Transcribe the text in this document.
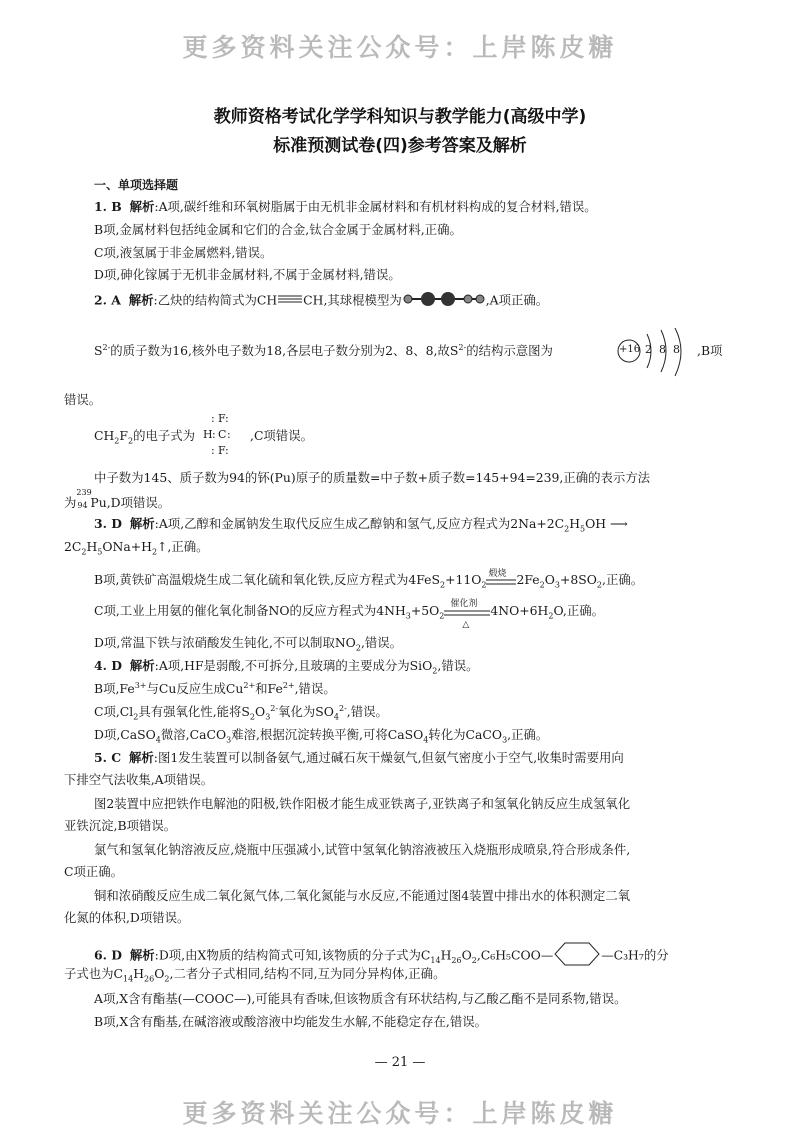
更多资料关注公众号：上岸陈皮糖
教师资格考试化学学科知识与教学能力(高级中学)
标准预测试卷(四)参考答案及解析
一、单项选择题
1. B 解析:A项,碳纤维和环氧树脂属于由无机非金属材料和有机材料构成的复合材料,错误。
B项,金属材料包括纯金属和它们的合金,钛合金属于金属材料,正确。
C项,液氢属于非金属燃料,错误。
D项,砷化镓属于无机非金属材料,不属于金属材料,错误。
2. A 解析:乙炔的结构简式为CH CH,其球棍模型为	,A项正确。
$S^{2-}$的质子数为16,核外电子数为18,各层电子数分别为2、8、8,故$S^{2-}$的结构示意图为	+16 2 8 8 ,B项
错误。
$CH_2F_2$的电子式为
F
: :
H : C :
F
: :
,C项错误。
中子数为145、质子数为94的钚(Pu)原子的质量数=中子数+质子数=145+94=239,正确的表示方法
为
239
94 Pu,D项错误。
3. D 解析:A项,乙醇和金属钠发生取代反应生成乙醇钠和氢气,反应方程式为$2Na+2C_2H_5OH$ ⟶
$2C_2H_5ONa+H_2↑$,正确。
B项,黄铁矿高温煅烧生成二氧化硫和氧化铁,反应方程式为$4FeS_2+11O_2$
煅烧 $2Fe_2O_3+8SO_2$,正确。
C项,工业上用氨的催化氧化制备NO的反应方程式为$4NH_3+5O_2$
催化剂
△
$4NO+6H_2O$,正确。
D项,常温下铁与浓硝酸发生钝化,不可以制取$NO_2$,错误。
4. D 解析:A项,HF是弱酸,不可拆分,且玻璃的主要成分为SiO$_2$,错误。
B项$,Fe^{3+}$与Cu反应生成$Cu^{2+}$和$Fe^{2+}$,错误。
C项$,Cl_2$具有强氧化性,能将$S_2O_3^{2-}$氧化为$SO_4^{2-}$,错误。
D项,CaSO$_4$微溶,CaCO$_3$难溶,根据沉淀转换平衡,可将CaSO$_4$转化为CaCO$_3$,正确。
5. C 解析:图1发生装置可以制备氨气,通过碱石灰干燥氨气,但氨气密度小于空气,收集时需要用向
下排空气法收集,A项错误。
图2装置中应把铁作电解池的阳极,铁作阳极才能生成亚铁离子,亚铁离子和氢氧化钠反应生成氢氧化
亚铁沉淀,B项错误。
氯气和氢氧化钠溶液反应,烧瓶中压强减小,试管中氢氧化钠溶液被压入烧瓶形成喷泉,符合形成条件,
C项正确。
铜和浓硝酸反应生成二氧化氮气体,二氧化氮能与水反应,不能通过图4装置中排出水的体积测定二氧
化氮的体积,D项错误。
6. D 解析:D项,由X物质的结构简式可知,该物质的分子式为$C_{14}H_{26}O_2,C_6H_5COO—$	—C₃H₇的分
子式也为$C_{14}H_{26}O_2$,二者分子式相同,结构不同,互为同分异构体,正确。
A项,X含有酯基(—COOC—),可能具有香味,但该物质含有环状结构,与乙酸乙酯不是同系物,错误。
B项,X含有酯基,在碱溶液或酸溶液中均能发生水解,不能稳定存在,错误。
— 21 —
更多资料关注公众号：上岸陈皮糖
